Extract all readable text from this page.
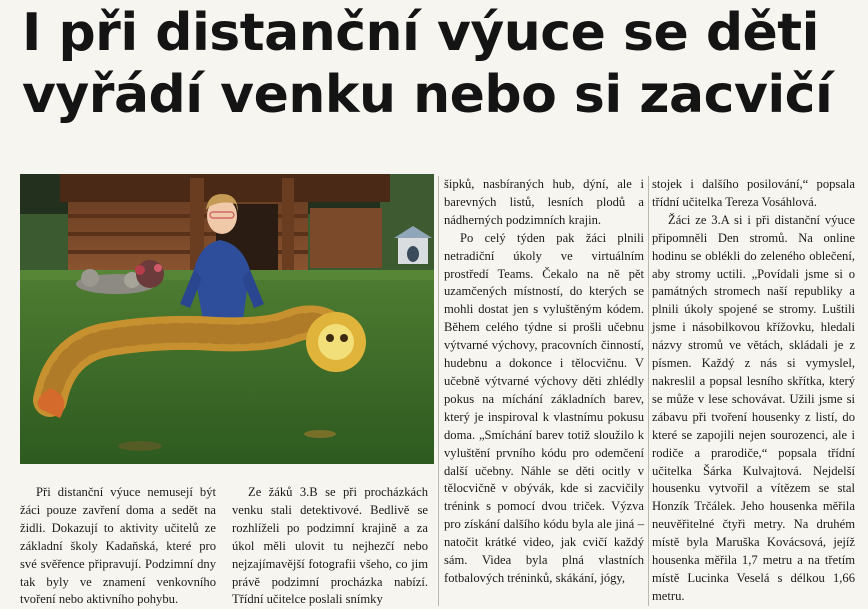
I při distanční výuce se děti
vyřádí venku nebo si zacvičí

Při distanční výuce nemusejí být žáci pouze zavření doma a sedět na židli. Dokazují to aktivity učitelů ze základní školy Kadaňská, které pro své svěřence připravují. Podzimní dny tak byly ve znamení venkovního tvoření nebo aktivního pohybu.

Ze žáků 3.B se při procházkách venku stali detektivové. Bedlivě se rozhlíželi po podzimní krajině a za úkol měli ulovit tu nejhezčí nebo nejzajímavější fotografii všeho, co jim právě podzimní procházka nabízí. Třídní učitelce poslali snímky

šipků, nasbíraných hub, dýní, ale i barevných listů, lesních plodů a nádherných podzimních krajin.

Po celý týden pak žáci plnili netradiční úkoly ve virtuálním prostředí Teams. Čekalo na ně pět uzamčených místností, do kterých se mohli dostat jen s vyluštěným kódem. Během celého týdne si prošli učebnu výtvarné výchovy, pracovních činností, hudebnu a dokonce i tělocvičnu. V učebně výtvarné výchovy děti zhlédly pokus na míchání základních barev, který je inspiroval k vlastnímu pokusu doma. „Smíchání barev totiž sloužilo k vyluštění prvního kódu pro odemčení další učebny. Náhle se děti ocitly v tělocvičně v obývák, kde si zacvičily trénink s pomocí dvou triček. Výzva pro získání dalšího kódu byla ale jiná – natočit krátké video, jak cvičí každý sám. Videa byla plná vlastních fotbalových tréninků, skákání, jógy,

stojek i dalšího posilování,“ popsala třídní učitelka Tereza Vosáhlová.

Žáci ze 3.A si i při distanční výuce připomněli Den stromů. Na online hodinu se oblékli do zeleného oblečení, aby stromy uctili. „Povídali jsme si o památných stromech naší republiky a plnili úkoly spojené se stromy. Luštili jsme i násobilkovou křížovku, hledali názvy stromů ve větách, skládali je z písmen. Každý z nás si vymyslel, nakreslil a popsal lesního skřítka, který se může v lese schovávat. Užili jsme si zábavu při tvoření housenky z listí, do které se zapojili nejen sourozenci, ale i rodiče a prarodiče,“ popsala třídní učitelka Šárka Kulvajtová. Nejdelší housenku vytvořil a vítězem se stal Honzík Trčálek. Jeho housenka měřila neuvěřitelné čtyři metry. Na druhém místě byla Maruška Kovácsová, jejíž housenka měřila 1,7 metru a na třetím místě Lucinka Veselá s délkou 1,66 metru.
